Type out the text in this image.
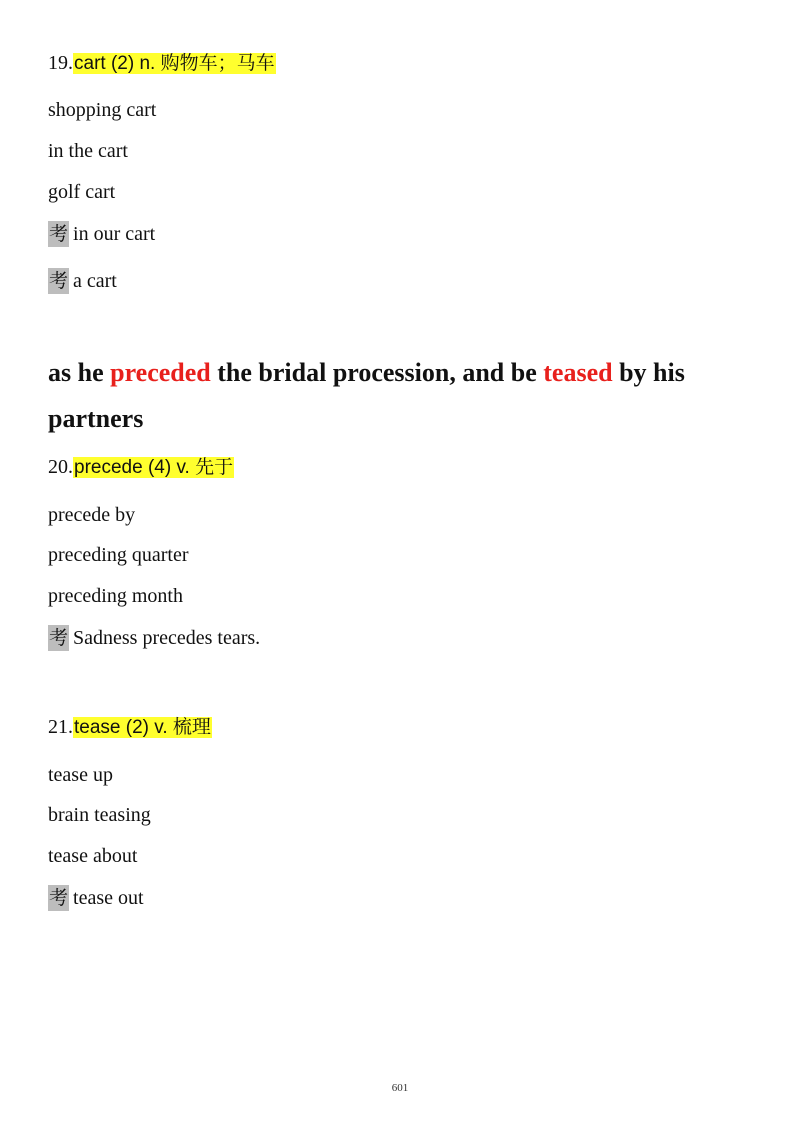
19.cart (2) n. 购物车；马车
shopping cart
in the cart
golf cart
考 in our cart
考 a cart
as he preceded the bridal procession, and be teased by his partners
20.precede (4) v. 先于
precede by
preceding quarter
preceding month
考 Sadness precedes tears.
21.tease (2) v. 梳理
tease up
brain teasing
tease about
考 tease out
601
